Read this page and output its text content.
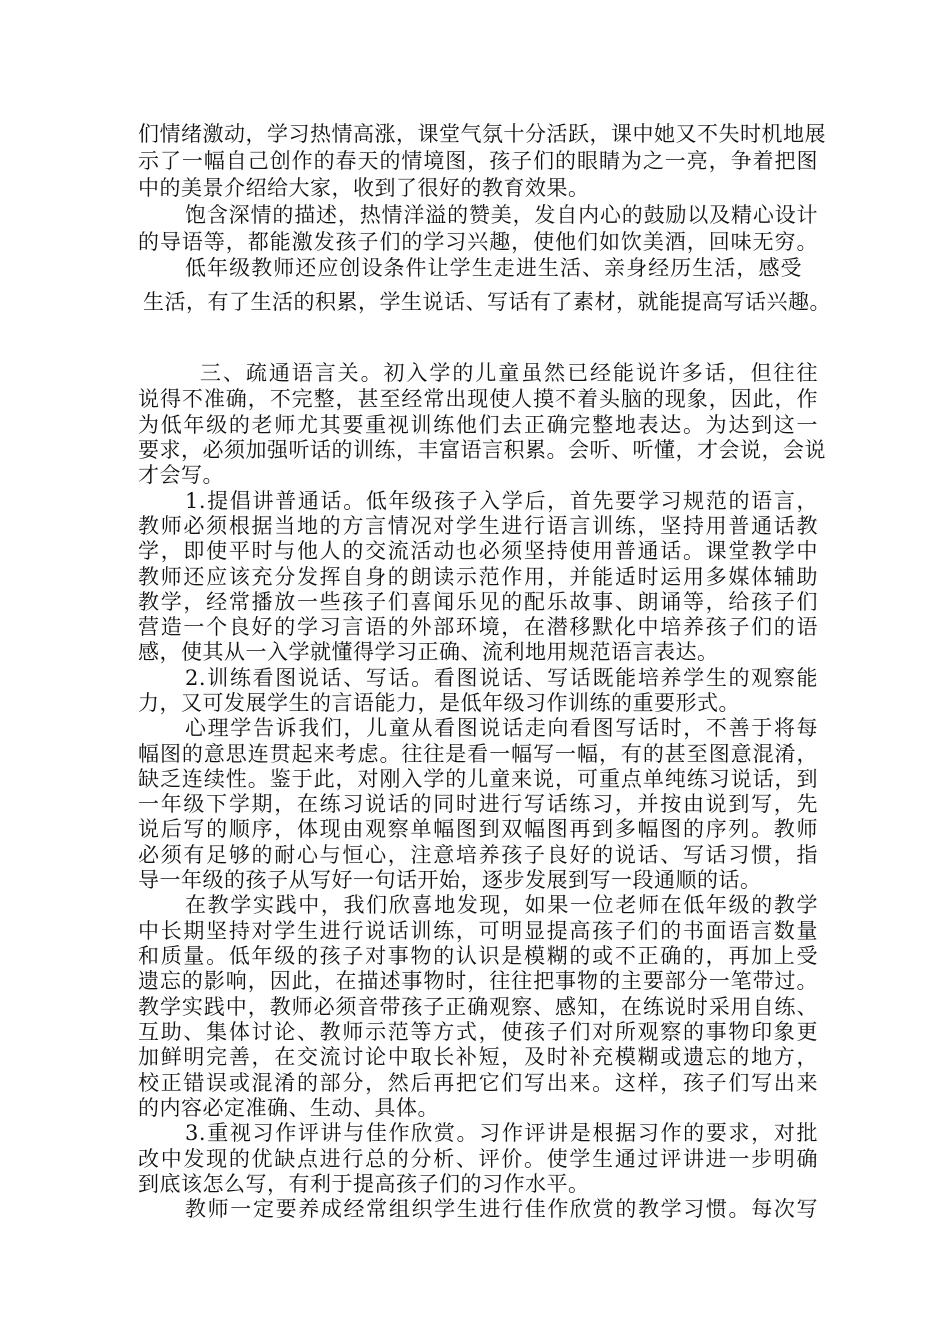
们情绪激动，学习热情高涨，课堂气氛十分活跃，课中她又不失时机地展
示了一幅自己创作的春天的情境图，孩子们的眼睛为之一亮，争着把图
中的美景介绍给大家，收到了很好的教育效果。
饱含深情的描述，热情洋溢的赞美，发自内心的鼓励以及精心设计
的导语等，都能激发孩子们的学习兴趣，使他们如饮美酒，回味无穷。
低年级教师还应创设条件让学生走进生活、亲身经历生活，感受
生活，有了生活的积累，学生说话、写话有了素材，就能提高写话兴趣。
三、疏通语言关。初入学的儿童虽然已经能说许多话，但往往
说得不准确，不完整，甚至经常出现使人摸不着头脑的现象，因此，作
为低年级的老师尤其要重视训练他们去正确完整地表达。为达到这一
要求，必须加强听话的训练，丰富语言积累。会听、听懂，才会说，会说
才会写。
1.提倡讲普通话。低年级孩子入学后，首先要学习规范的语言，
教师必须根据当地的方言情况对学生进行语言训练，坚持用普通话教
学，即使平时与他人的交流活动也必须坚持使用普通话。课堂教学中
教师还应该充分发挥自身的朗读示范作用，并能适时运用多媒体辅助
教学，经常播放一些孩子们喜闻乐见的配乐故事、朗诵等，给孩子们
营造一个良好的学习言语的外部环境，在潜移默化中培养孩子们的语
感，使其从一入学就懂得学习正确、流利地用规范语言表达。
2.训练看图说话、写话。看图说话、写话既能培养学生的观察能
力，又可发展学生的言语能力，是低年级习作训练的重要形式。
心理学告诉我们，儿童从看图说话走向看图写话时，不善于将每
幅图的意思连贯起来考虑。往往是看一幅写一幅，有的甚至图意混淆，
缺乏连续性。鉴于此，对刚入学的儿童来说，可重点单纯练习说话，到
一年级下学期，在练习说话的同时进行写话练习，并按由说到写，先
说后写的顺序，体现由观察单幅图到双幅图再到多幅图的序列。教师
必须有足够的耐心与恒心，注意培养孩子良好的说话、写话习惯，指
导一年级的孩子从写好一句话开始，逐步发展到写一段通顺的话。
在教学实践中，我们欣喜地发现，如果一位老师在低年级的教学
中长期坚持对学生进行说话训练，可明显提高孩子们的书面语言数量
和质量。低年级的孩子对事物的认识是模糊的或不正确的，再加上受
遗忘的影响，因此，在描述事物时，往往把事物的主要部分一笔带过。
教学实践中，教师必须音带孩子正确观察、感知，在练说时采用自练、
互助、集体讨论、教师示范等方式，使孩子们对所观察的事物印象更
加鲜明完善，在交流讨论中取长补短，及时补充模糊或遗忘的地方，
校正错误或混淆的部分，然后再把它们写出来。这样，孩子们写出来
的内容必定准确、生动、具体。
3.重视习作评讲与佳作欣赏。习作评讲是根据习作的要求，对批
改中发现的优缺点进行总的分析、评价。使学生通过评讲进一步明确
到底该怎么写，有利于提高孩子们的习作水平。
教师一定要养成经常组织学生进行佳作欣赏的教学习惯。每次写
